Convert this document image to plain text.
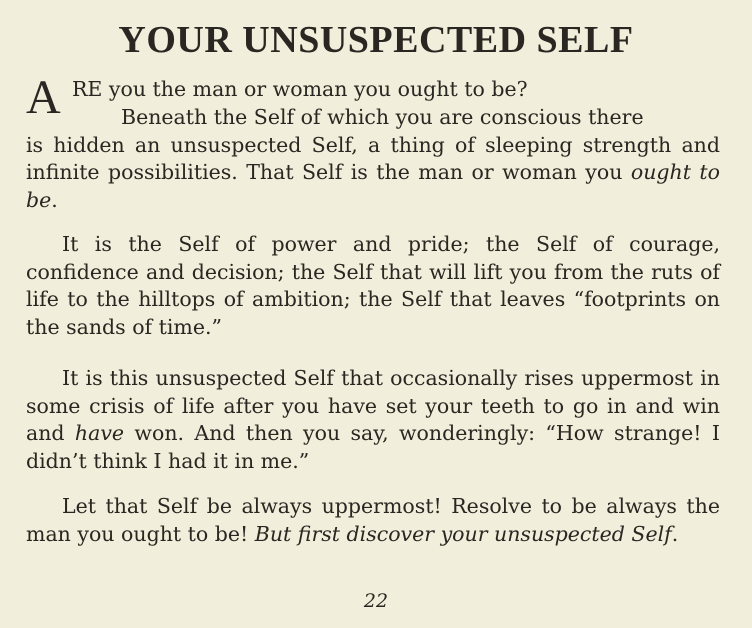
YOUR UNSUSPECTED SELF
A RE you the man or woman you ought to be?
Beneath the Self of which you are conscious there
is hidden an unsuspected Self, a thing of sleeping strength and infinite possibilities. That Self is the man or woman you ought to be.

It is the Self of power and pride; the Self of courage, confidence and decision; the Self that will lift you from the ruts of life to the hilltops of ambition; the Self that leaves “footprints on the sands of time.”

It is this unsuspected Self that occasionally rises uppermost in some crisis of life after you have set your teeth to go in and win and have won. And then you say, wonderingly: “How strange! I didn’t think I had it in me.”

Let that Self be always uppermost! Resolve to be always the man you ought to be! But first discover your unsuspected Self.

22
